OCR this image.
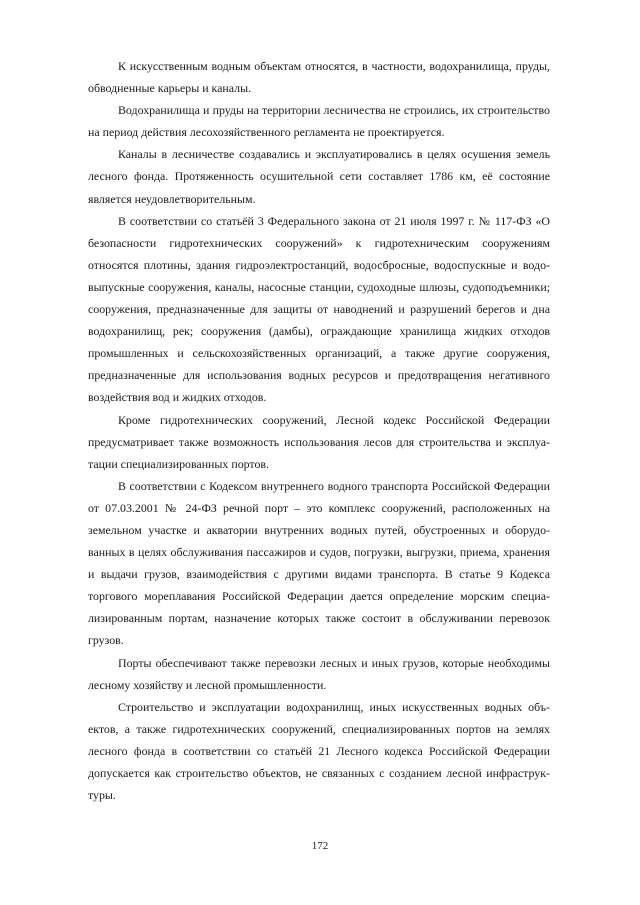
К искусственным водным объектам относятся, в частности, водохранилища, пруды, обводненные карьеры и каналы.

Водохранилища и пруды на территории лесничества не строились, их строительство на период действия лесохозяйственного регламента не проектируется.

Каналы в лесничестве создавались и эксплуатировались в целях осушения земель лесного фонда. Протяженность осушительной сети составляет 1786 км, её состояние является неудовлетворительным.

В соответствии со статьёй 3 Федерального закона от 21 июля 1997 г. № 117-ФЗ «О безопасности гидротехнических сооружений» к гидротехническим сооружениям относятся плотины, здания гидроэлектростанций, водосбросные, водоспускные и водовыпускные сооружения, каналы, насосные станции, судоходные шлюзы, судоподъемники; сооружения, предназначенные для защиты от наводнений и разрушений берегов и дна водохранилищ, рек; сооружения (дамбы), ограждающие хранилища жидких отходов промышленных и сельскохозяйственных организаций, а также другие сооружения, предназначенные для использования водных ресурсов и предотвращения негативного воздействия вод и жидких отходов.

Кроме гидротехнических сооружений, Лесной кодекс Российской Федерации предусматривает также возможность использования лесов для строительства и эксплуатации специализированных портов.

В соответствии с Кодексом внутреннего водного транспорта Российской Федерации от 07.03.2001 № 24-ФЗ речной порт – это комплекс сооружений, расположенных на земельном участке и акватории внутренних водных путей, обустроенных и оборудованных в целях обслуживания пассажиров и судов, погрузки, выгрузки, приема, хранения и выдачи грузов, взаимодействия с другими видами транспорта. В статье 9 Кодекса торгового мореплавания Российской Федерации дается определение морским специализированным портам, назначение которых также состоит в обслуживании перевозок грузов.

Порты обеспечивают также перевозки лесных и иных грузов, которые необходимы лесному хозяйству и лесной промышленности.

Строительство и эксплуатации водохранилищ, иных искусственных водных объектов, а также гидротехнических сооружений, специализированных портов на землях лесного фонда в соответствии со статьёй 21 Лесного кодекса Российской Федерации допускается как строительство объектов, не связанных с созданием лесной инфраструктуры.

172
